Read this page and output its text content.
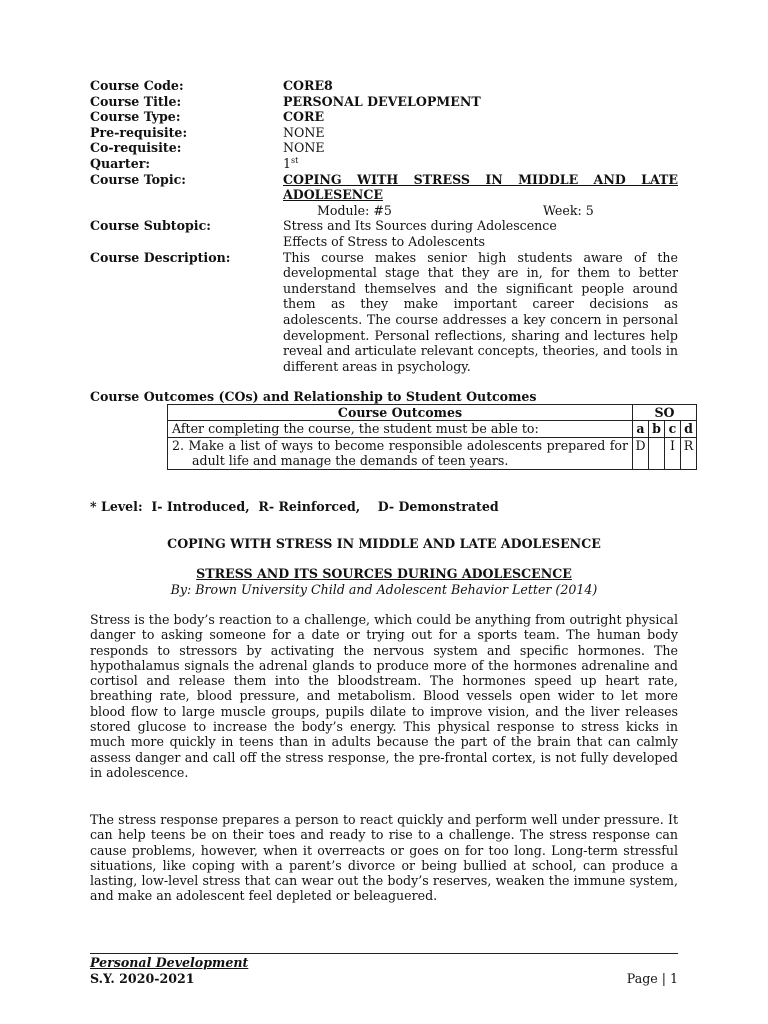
Course Code:	CORE8
Course Title:	PERSONAL DEVELOPMENT
Course Type:	CORE
Pre-requisite:	NONE
Co-requisite:	NONE
Quarter:	1st
Course Topic:	COPING WITH STRESS IN MIDDLE AND LATE ADOLESENCE
Module: #5	Week: 5
Course Subtopic:	Stress and Its Sources during Adolescence
Effects of Stress to Adolescents
Course Description:	This course makes senior high students aware of the developmental stage that they are in, for them to better understand themselves and the significant people around them as they make important career decisions as adolescents. The course addresses a key concern in personal development. Personal reflections, sharing and lectures help reveal and articulate relevant concepts, theories, and tools in different areas in psychology.
Course Outcomes (COs) and Relationship to Student Outcomes
Course Outcomes	SO			
After completing the course, the student must be able to:	a	b	c	d

2. Make a list of ways to become responsible adolescents prepared for adult life and manage the demands of teen years.	D		I	R
* Level:  I- Introduced,  R- Reinforced,    D- Demonstrated
COPING WITH STRESS IN MIDDLE AND LATE ADOLESENCE
STRESS AND ITS SOURCES DURING ADOLESCENCE
By: Brown University Child and Adolescent Behavior Letter (2014)
Stress is the body’s reaction to a challenge, which could be anything from outright physical danger to asking someone for a date or trying out for a sports team. The human body responds to stressors by activating the nervous system and specific hormones. The hypothalamus signals the adrenal glands to produce more of the hormones adrenaline and cortisol and release them into the bloodstream. The hormones speed up heart rate, breathing rate, blood pressure, and metabolism. Blood vessels open wider to let more blood flow to large muscle groups, pupils dilate to improve vision, and the liver releases stored glucose to increase the body’s energy. This physical response to stress kicks in much more quickly in teens than in adults because the part of the brain that can calmly assess danger and call off the stress response, the pre-frontal cortex, is not fully developed in adolescence.
The stress response prepares a person to react quickly and perform well under pressure. It can help teens be on their toes and ready to rise to a challenge. The stress response can cause problems, however, when it overreacts or goes on for too long. Long-term stressful situations, like coping with a parent’s divorce or being bullied at school, can produce a lasting, low-level stress that can wear out the body’s reserves, weaken the immune system, and make an adolescent feel depleted or beleaguered.
Personal Development
S.Y. 2020-2021	Page | 1
